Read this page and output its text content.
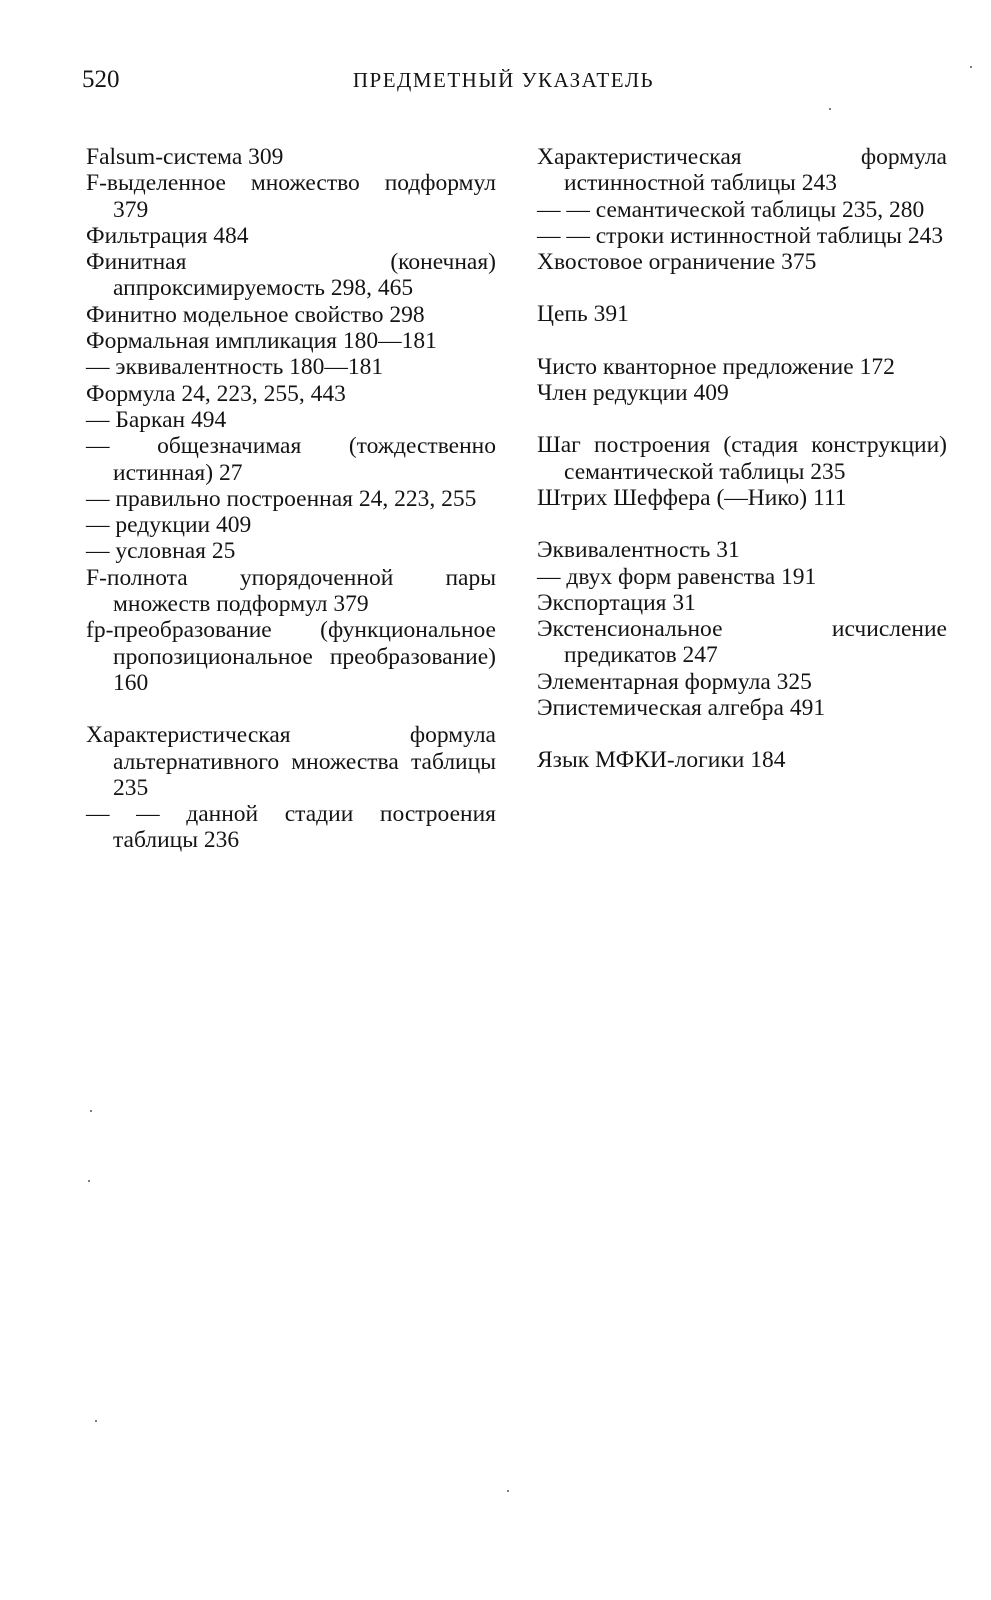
520	ПРЕДМЕТНЫЙ УКАЗАТЕЛЬ
Falsum-система 309
F-выделенное множество подформул 379
Фильтрация 484
Финитная (конечная) аппроксимируемость 298, 465
Финитно модельное свойство 298
Формальная импликация 180—181
— эквивалентность 180—181
Формула 24, 223, 255, 443
— Баркан 494
— общезначимая (тождественно истинная) 27
— правильно построенная 24, 223, 255
— редукции 409
— условная 25
F-полнота упорядоченной пары множеств подформул 379
fp-преобразование (функциональное пропозициональное преобразование) 160
Характеристическая формула альтернативного множества таблицы 235
— — данной стадии построения таблицы 236
Характеристическая формула истинностной таблицы 243
— — семантической таблицы 235, 280
— — строки истинностной таблицы 243
Хвостовое ограничение 375
Цепь 391
Чисто кванторное предложение 172
Член редукции 409
Шаг построения (стадия конструкции) семантической таблицы 235
Штрих Шеффера (—Нико) 111
Эквивалентность 31
— двух форм равенства 191
Экспортация 31
Экстенсиональное исчисление предикатов 247
Элементарная формула 325
Эпистемическая алгебра 491
Язык МФКИ-логики 184
